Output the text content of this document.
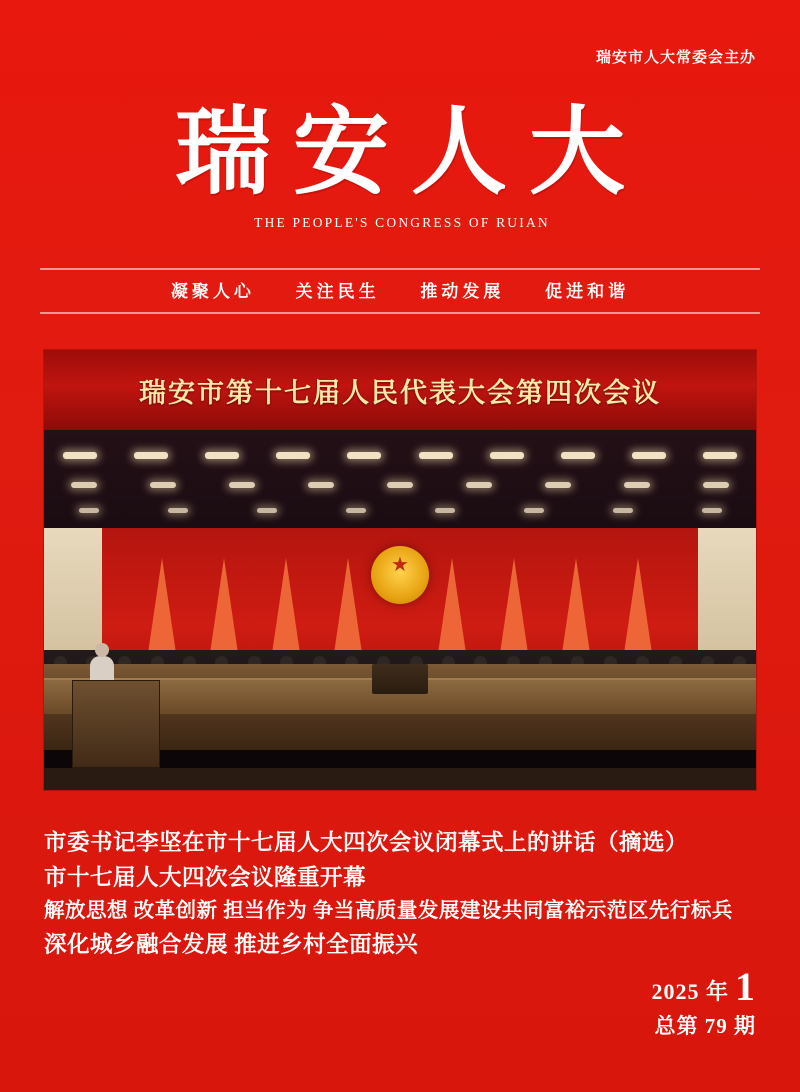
瑞安市人大常委会主办
瑞安人大
THE PEOPLE'S CONGRESS OF RUIAN
凝聚人心 关注民生 推动发展 促进和谐
瑞安市第十七届人民代表大会第四次会议
★
市委书记李坚在市十七届人大四次会议闭幕式上的讲话（摘选）
市十七届人大四次会议隆重开幕
解放思想 改革创新 担当作为 争当高质量发展建设共同富裕示范区先行标兵
深化城乡融合发展 推进乡村全面振兴
2025 年 1
总第 79 期
